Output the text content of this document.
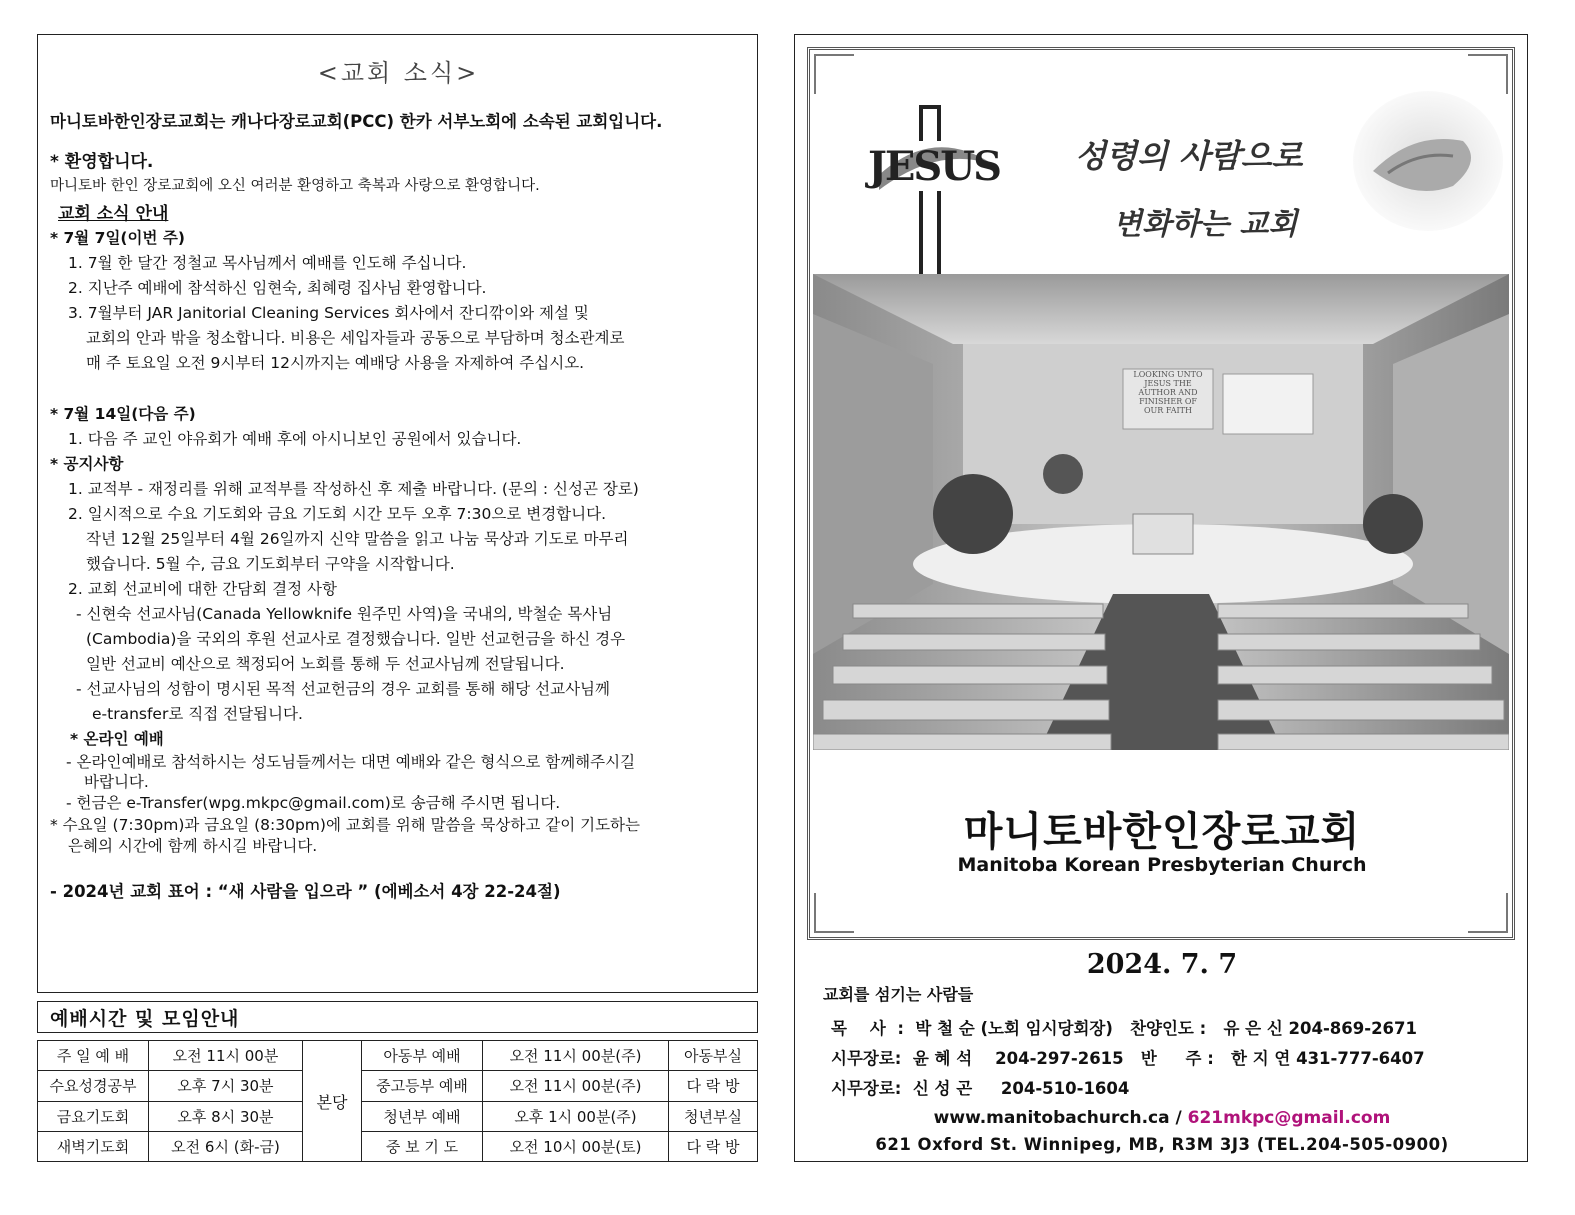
<교회 소식>
마니토바한인장로교회는 캐나다장로교회(PCC) 한카 서부노회에 소속된 교회입니다.
* 환영합니다.
마니토바 한인 장로교회에 오신 여러분 환영하고 축복과 사랑으로 환영합니다.
교회 소식 안내
* 7월 7일(이번 주)
1. 7월 한 달간 정철교 목사님께서 예배를 인도해 주십니다.
2. 지난주 예배에 참석하신 임현숙, 최혜령 집사님 환영합니다.
3. 7월부터 JAR Janitorial Cleaning Services 회사에서 잔디깎이와 제설 및
교회의 안과 밖을 청소합니다. 비용은 세입자들과 공동으로 부담하며 청소관계로
매 주 토요일 오전 9시부터 12시까지는 예배당 사용을 자제하여 주십시오.
* 7월 14일(다음 주)
1. 다음 주 교인 야유회가 예배 후에 아시니보인 공원에서 있습니다.
* 공지사항
1. 교적부 - 재정리를 위해 교적부를 작성하신 후 제출 바랍니다. (문의 : 신성곤 장로)
2. 일시적으로 수요 기도회와 금요 기도회 시간 모두 오후 7:30으로 변경합니다.
작년 12월 25일부터 4월 26일까지 신약 말씀을 읽고 나눔 묵상과 기도로 마무리
했습니다. 5월 수, 금요 기도회부터 구약을 시작합니다.
2. 교회 선교비에 대한 간담회 결정 사항
- 신현숙 선교사님(Canada Yellowknife 원주민 사역)을 국내의, 박철순 목사님
(Cambodia)을 국외의 후원 선교사로 결정했습니다. 일반 선교헌금을 하신 경우
일반 선교비 예산으로 책정되어 노회를 통해 두 선교사님께 전달됩니다.
- 선교사님의 성함이 명시된 목적 선교헌금의 경우 교회를 통해 해당 선교사님께
e-transfer로 직접 전달됩니다.
* 온라인 예배
- 온라인예배로 참석하시는 성도님들께서는 대면 예배와 같은 형식으로 함께해주시길
바랍니다.
- 헌금은 e-Transfer(wpg.mkpc@gmail.com)로 송금해 주시면 됩니다.
* 수요일 (7:30pm)과 금요일 (8:30pm)에 교회를 위해 말씀을 묵상하고 같이 기도하는
은혜의 시간에 함께 하시길 바랍니다.
- 2024년 교회 표어 : “새 사람을 입으라 ” (에베소서 4장 22-24절)
예배시간 및 모임안내
주 일 예 배	오전 11시 00분	본당	아동부 예배	오전 11시 00분(주)	아동부실
수요성경공부	오후 7시 30분		중고등부 예배	오전 11시 00분(주)	다 락 방
금요기도회	오후 8시 30분		청년부 예배	오후 1시 00분(주)	청년부실
새벽기도회	오전 6시 (화-금)		중 보 기 도	오전 10시 00분(토)	다 락 방
JESUS 성령의 사람으로
변화하는 교회
LOOKING UNTO JESUS THE AUTHOR AND FINISHER OF OUR FAITH
마니토바한인장로교회
Manitoba Korean Presbyterian Church
2024. 7. 7
교회를 섬기는 사람들
목    사  :  박 철 순 (노회 임시당회장)   찬양인도 :   유 은 신 204-869-2671
시무장로:  윤 혜 석    204-297-2615   반     주 :   한 지 연 431-777-6407
시무장로:  신 성 곤     204-510-1604
www.manitobachurch.ca / 621mkpc@gmail.com
621 Oxford St. Winnipeg, MB, R3M 3J3 (TEL.204-505-0900)
